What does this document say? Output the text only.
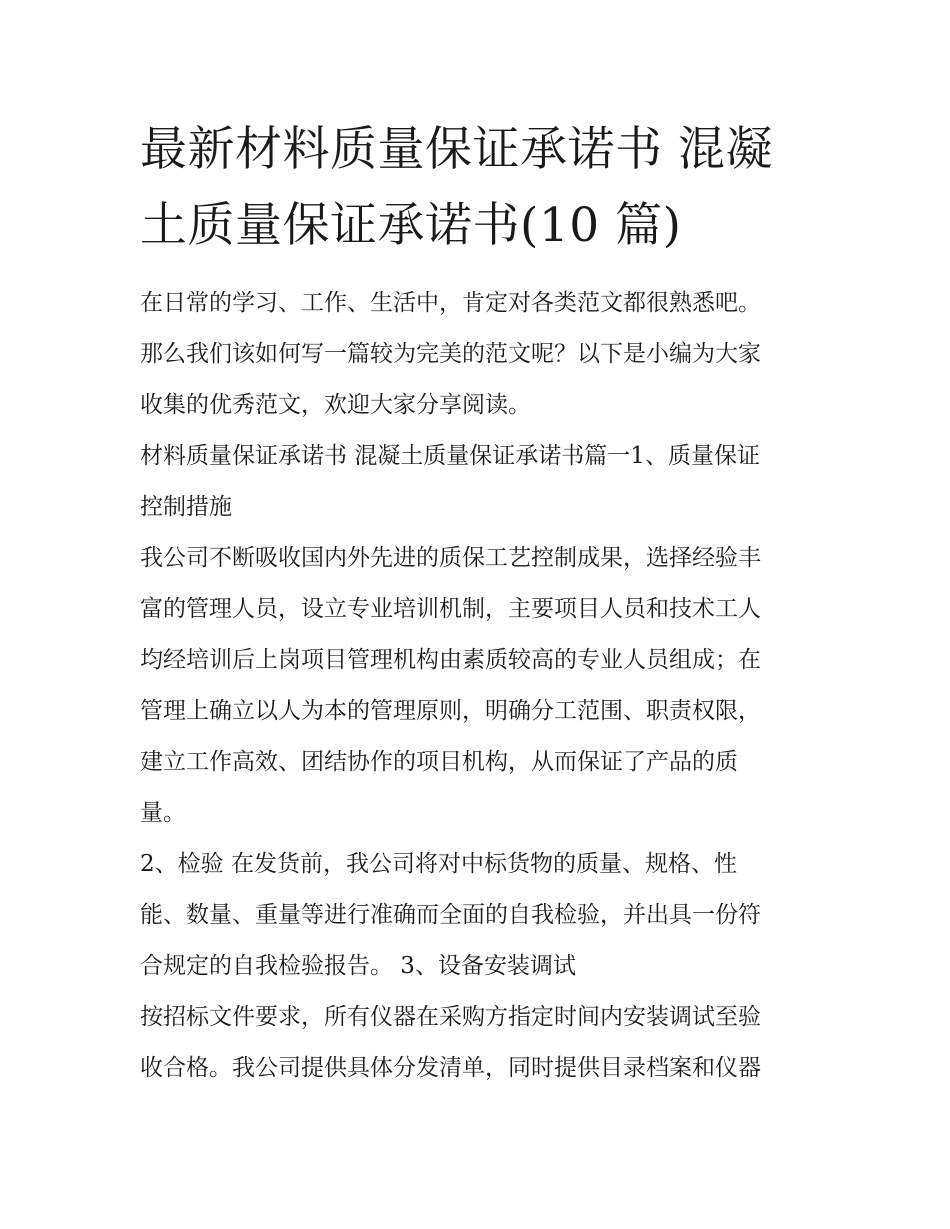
最新材料质量保证承诺书 混凝
土质量保证承诺书(10 篇)
在日常的学习、工作、生活中，肯定对各类范文都很熟悉吧。
那么我们该如何写一篇较为完美的范文呢？以下是小编为大家
收集的优秀范文，欢迎大家分享阅读。
材料质量保证承诺书 混凝土质量保证承诺书篇一1、质量保证
控制措施
我公司不断吸收国内外先进的质保工艺控制成果，选择经验丰
富的管理人员，设立专业培训机制，主要项目人员和技术工人
均经培训后上岗项目管理机构由素质较高的专业人员组成；在
管理上确立以人为本的管理原则，明确分工范围、职责权限，
建立工作高效、团结协作的项目机构，从而保证了产品的质
量。
2、检验 在发货前，我公司将对中标货物的质量、规格、性
能、数量、重量等进行准确而全面的自我检验，并出具一份符
合规定的自我检验报告。 3、设备安装调试
按招标文件要求，所有仪器在采购方指定时间内安装调试至验
收合格。我公司提供具体分发清单，同时提供目录档案和仪器
